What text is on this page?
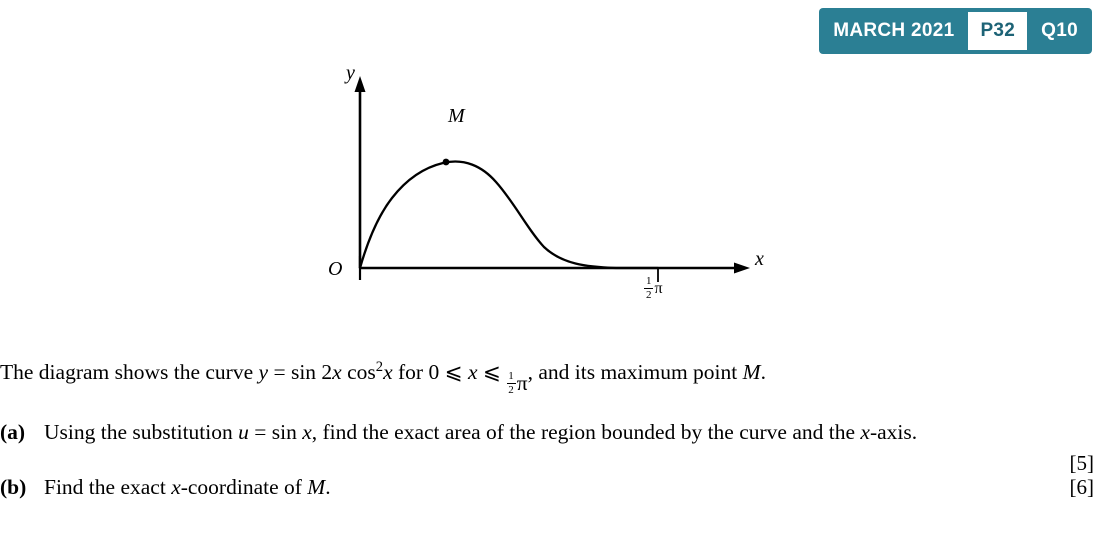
MARCH 2021	P32	Q10
y
x
O
M
$\frac{1}{2}$ π
The diagram shows the curve y = sin 2x $\cos^2x$ for 0 ⩽ x ⩽ $\frac{1}{2}$ π , and its maximum point M.
(a) Using the substitution u = sin x, find the exact area of the region bounded by the curve and the x-axis.
[5]
(b) Find the exact x-coordinate of M.	[6]
